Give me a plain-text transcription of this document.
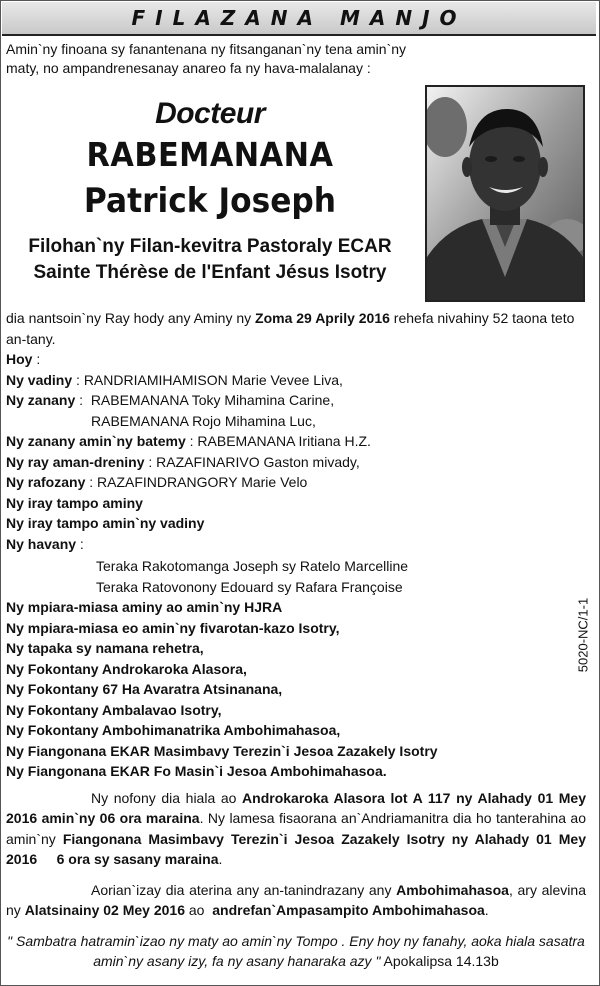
FILAZANA MANJO
Amin`ny finoana sy fanantenana ny fitsanganan`ny tena amin`ny maty, no ampandrenesanay anareo fa ny hava-malalanay :
Docteur
RABEMANANA
Patrick Joseph
Filohan`ny Filan-kevitra Pastoraly ECAR
Sainte Thérèse de l'Enfant Jésus Isotry

dia nantsoin`ny Ray hody any Aminy ny Zoma 29 Aprily 2016 rehefa nivahiny 52 taona teto an-tany.

Hoy :

Ny vadiny : RANDRIAMIHAMISON Marie Vevee Liva,

Ny zanany :  RABEMANANA Toky Mihamina Carine,

RABEMANANA Rojo Mihamina Luc,

Ny zanany amin`ny batemy : RABEMANANA Iritiana H.Z.

Ny ray aman-dreniny : RAZAFINARIVO Gaston mivady,

Ny rafozany : RAZAFINDRANGORY Marie Velo

Ny iray tampo aminy

Ny iray tampo amin`ny vadiny

Ny havany :

Teraka Rakotomanga Joseph sy Ratelo Marcelline

Teraka Ratovonony Edouard sy Rafara Françoise

Ny mpiara-miasa aminy ao amin`ny HJRA

Ny mpiara-miasa eo amin`ny fivarotan-kazo Isotry,

Ny tapaka sy namana rehetra,

Ny Fokontany Androkaroka Alasora,

Ny Fokontany 67 Ha Avaratra Atsinanana,

Ny Fokontany Ambalavao Isotry,

Ny Fokontany Ambohimanatrika Ambohimahasoa,

Ny Fiangonana EKAR Masimbavy Terezin`i Jesoa Zazakely Isotry

Ny Fiangonana EKAR Fo Masin`i Jesoa Ambohimahasoa.

Ny nofony dia hiala ao Androkaroka Alasora lot A 117 ny Alahady 01 Mey 2016 amin`ny 06 ora maraina. Ny lamesa fisaorana an`Andriamanitra dia ho tanterahina ao amin`ny Fiangonana Masimbavy Terezin`i Jesoa Zazakely Isotry ny Alahady 01 Mey 2016     6 ora sy sasany maraina.

Aorian`izay dia aterina any an-tanindrazany any Ambohimahasoa, ary alevina ny Alatsinainy 02 Mey 2016 ao  andrefan`Ampasampito Ambohimahasoa.

" Sambatra hatramin`izao ny maty ao amin`ny Tompo . Eny hoy ny fanahy, aoka hiala sasatra amin`ny asany izy, fa ny asany hanaraka azy " Apokalipsa 14.13b

5020-NC/1-1
